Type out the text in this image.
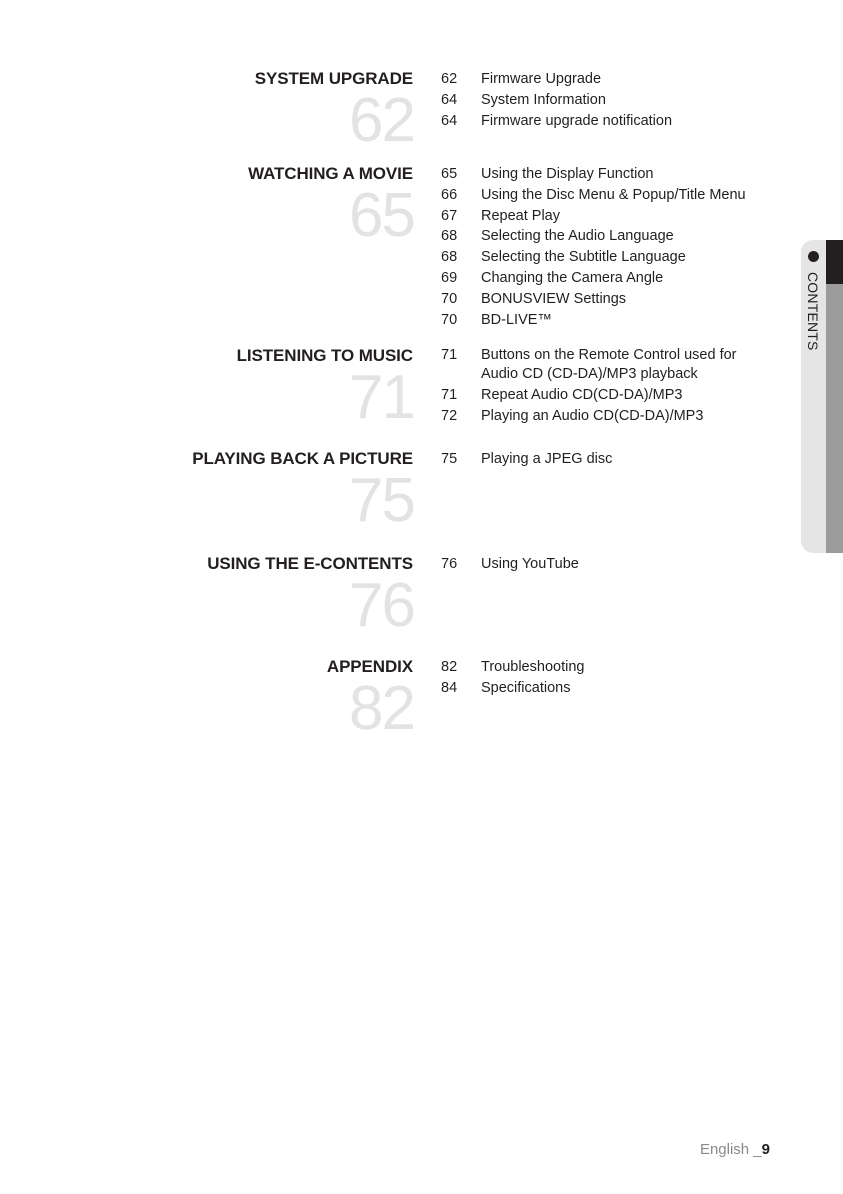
SYSTEM UPGRADE
62
62	Firmware Upgrade
64	System Information
64	Firmware upgrade notification
WATCHING A MOVIE
65
65	Using the Display Function
66	Using the Disc Menu & Popup/Title Menu
67	Repeat Play
68	Selecting the Audio Language
68	Selecting the Subtitle Language
69	Changing the Camera Angle
70	BONUSVIEW Settings
70	BD-LIVE™
LISTENING TO MUSIC
71
71	Buttons on the Remote Control used for Audio CD (CD-DA)/MP3 playback
71	Repeat Audio CD(CD-DA)/MP3
72	Playing an Audio CD(CD-DA)/MP3
PLAYING BACK A PICTURE
75
75	Playing a JPEG disc
USING THE E-CONTENTS
76
76	Using YouTube
APPENDIX
82
82	Troubleshooting
84	Specifications
CONTENTS
English _9
